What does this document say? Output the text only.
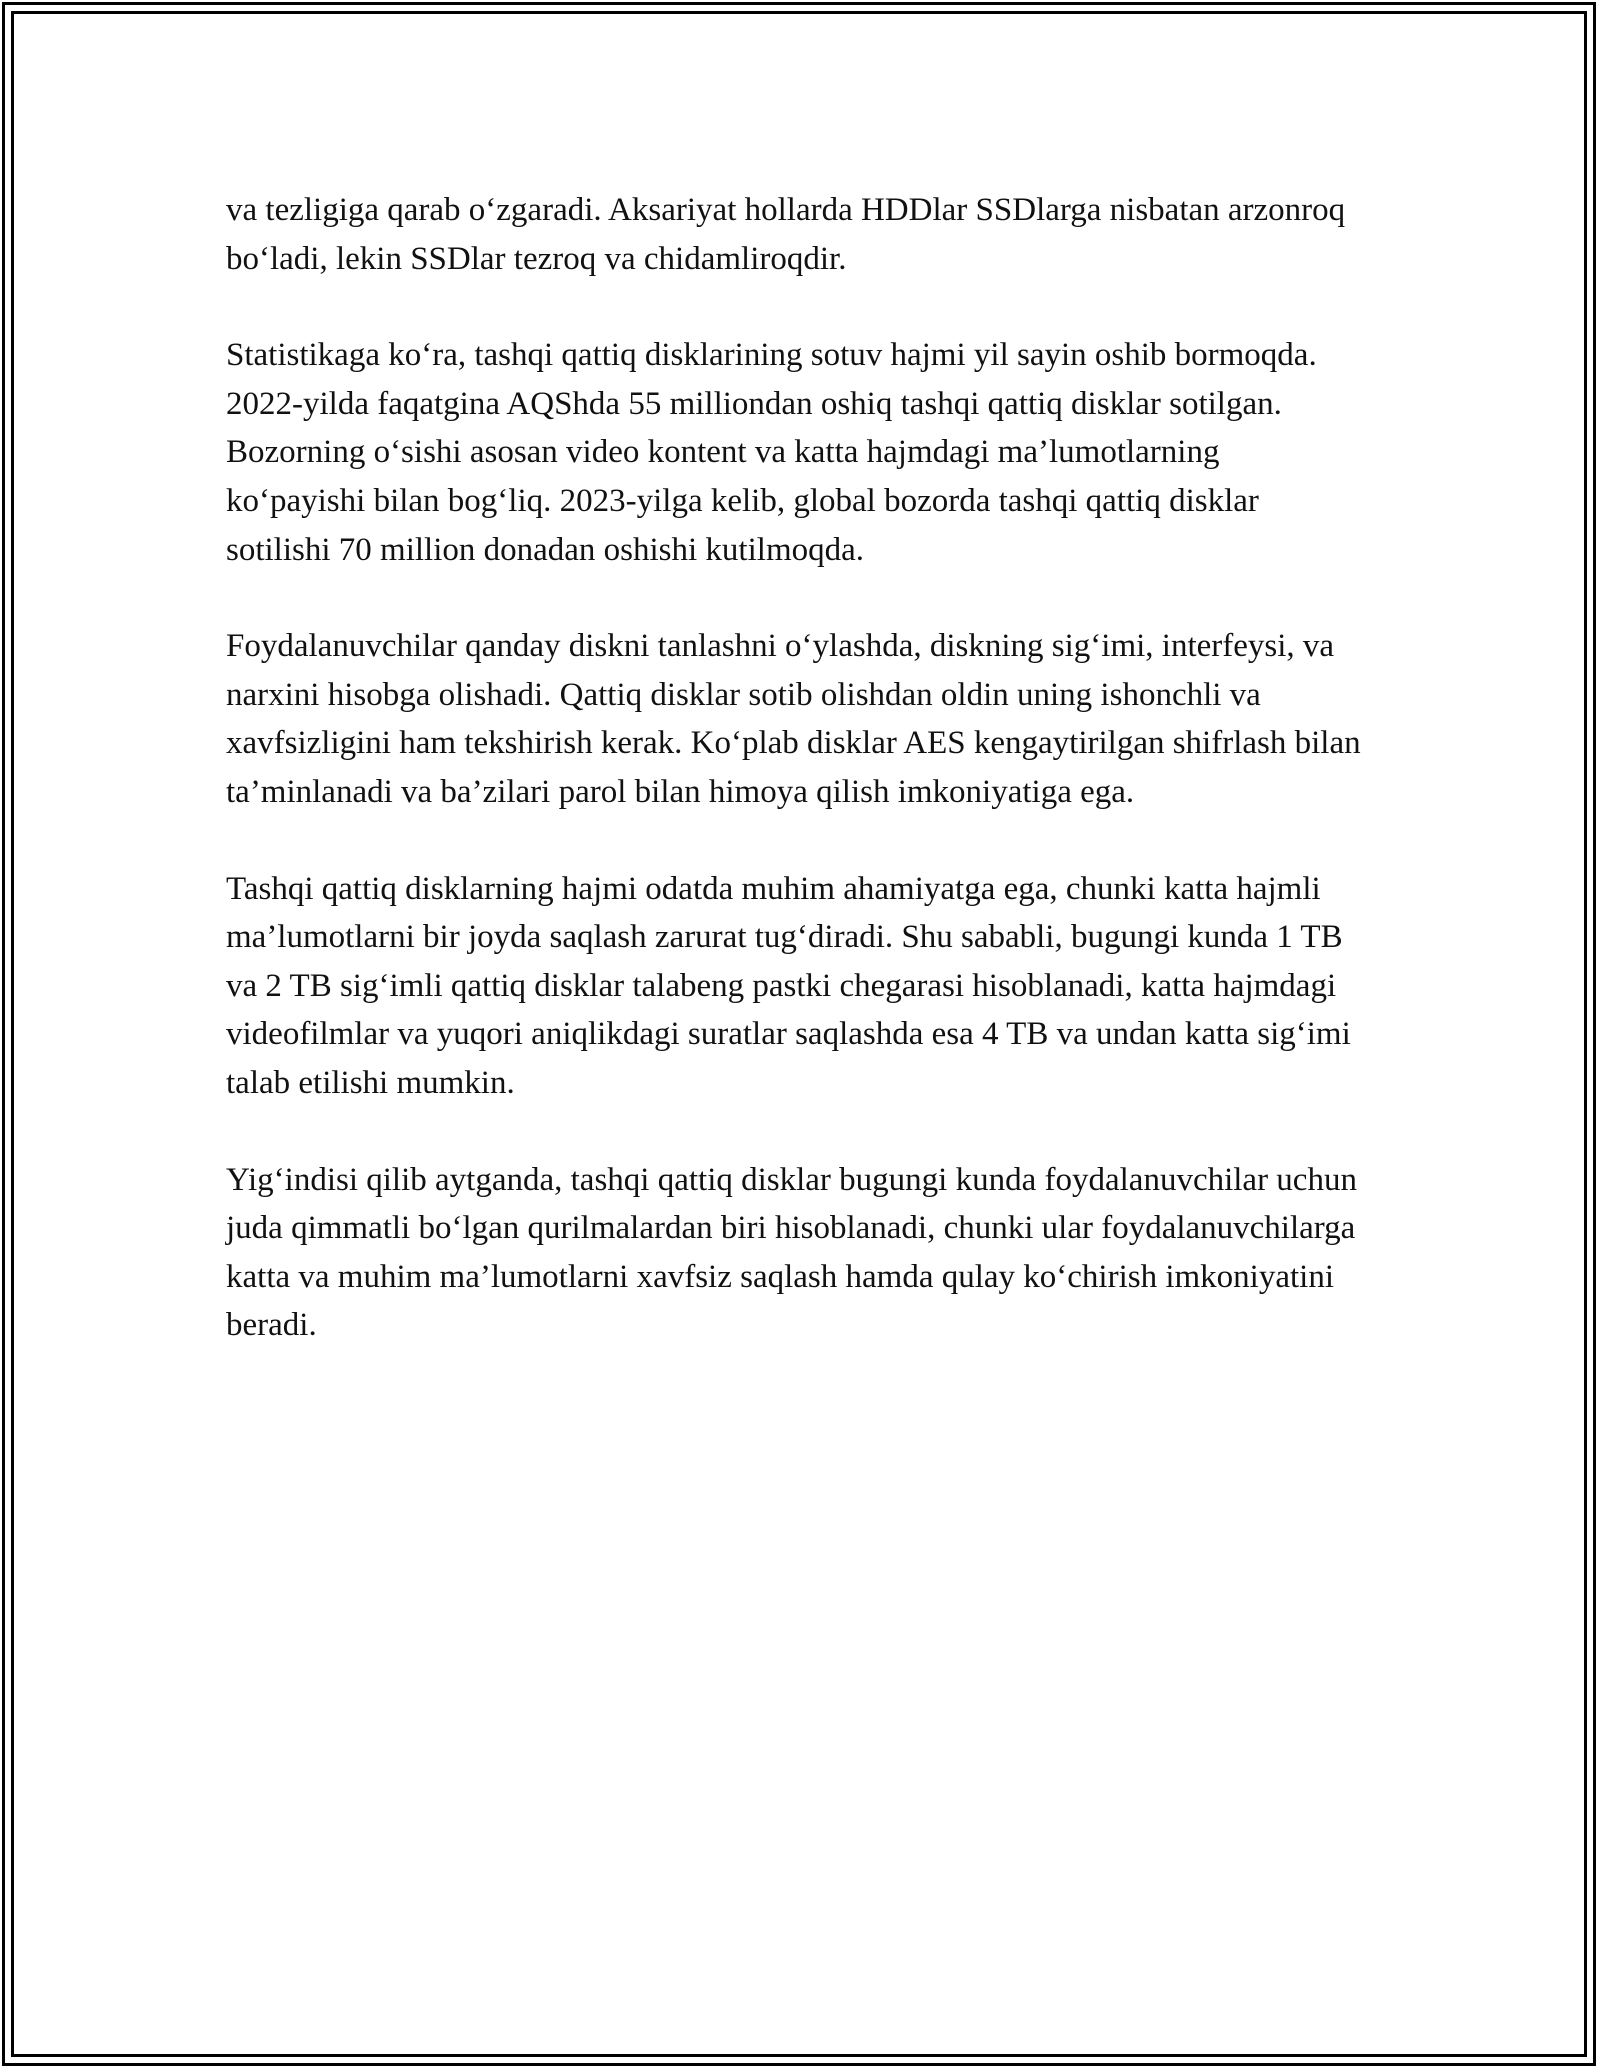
va tezligiga qarab o‘zgaradi. Aksariyat hollarda HDDlar SSDlarga nisbatan arzonroq bo‘ladi, lekin SSDlar tezroq va chidamliroqdir.

Statistikaga ko‘ra, tashqi qattiq disklarining sotuv hajmi yil sayin oshib bormoqda. 2022-yilda faqatgina AQShda 55 milliondan oshiq tashqi qattiq disklar sotilgan. Bozorning o‘sishi asosan video kontent va katta hajmdagi ma’lumotlarning ko‘payishi bilan bog‘liq. 2023-yilga kelib, global bozorda tashqi qattiq disklar sotilishi 70 million donadan oshishi kutilmoqda.

Foydalanuvchilar qanday diskni tanlashni o‘ylashda, diskning sig‘imi, interfeysi, va narxini hisobga olishadi. Qattiq disklar sotib olishdan oldin uning ishonchli va xavfsizligini ham tekshirish kerak. Ko‘plab disklar AES kengaytirilgan shifrlash bilan ta’minlanadi va ba’zilari parol bilan himoya qilish imkoniyatiga ega.

Tashqi qattiq disklarning hajmi odatda muhim ahamiyatga ega, chunki katta hajmli ma’lumotlarni bir joyda saqlash zarurat tug‘diradi. Shu sababli, bugungi kunda 1 TB va 2 TB sig‘imli qattiq disklar talabeng pastki chegarasi hisoblanadi, katta hajmdagi videofilmlar va yuqori aniqlikdagi suratlar saqlashda esa 4 TB va undan katta sig‘imi talab etilishi mumkin.

Yig‘indisi qilib aytganda, tashqi qattiq disklar bugungi kunda foydalanuvchilar uchun juda qimmatli bo‘lgan qurilmalardan biri hisoblanadi, chunki ular foydalanuvchilarga katta va muhim ma’lumotlarni xavfsiz saqlash hamda qulay ko‘chirish imkoniyatini beradi.
